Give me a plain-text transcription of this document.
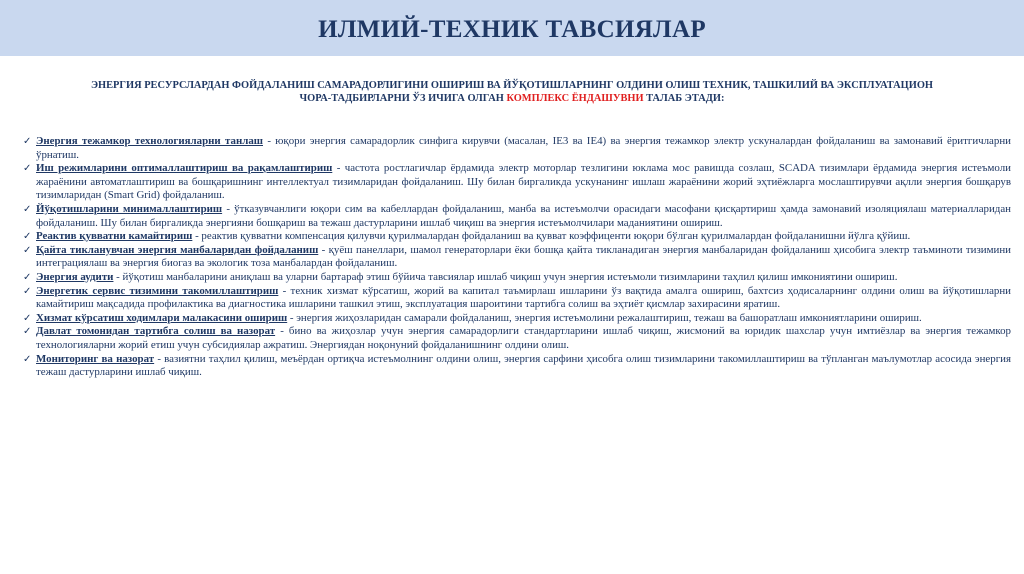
ИЛМИЙ-ТЕХНИК ТАВСИЯЛАР
ЭНЕРГИЯ РЕСУРСЛАРДАН ФОЙДАЛАНИШ САМАРАДОРЛИГИНИ ОШИРИШ ВА ЙЎҚОТИШЛАРНИНГ ОЛДИНИ ОЛИШ ТЕХНИК, ТАШКИЛИЙ ВА ЭКСПЛУАТАЦИОН
ЧОРА-ТАДБИРЛАРНИ ЎЗ ИЧИГА ОЛГАН КОМПЛЕКС ЁНДАШУВНИ ТАЛАБ ЭТАДИ:
✓ Энергия тежамкор технологияларни танлаш - юқори энергия самарадорлик синфига кирувчи (масалан, IE3 ва IE4) ва энергия тежамкор электр ускуналардан фойдаланиш ва замонавий ёритгичларни ўрнатиш.
✓ Иш режимларини оптималлаштириш ва рақамлаштириш - частота ростлагичлар ёрдамида электр моторлар тезлигини юклама мос равишда созлаш, SCADA тизимлари ёрдамида энергия истеъмоли жараёнини автоматлаштириш ва бошқаришнинг интеллектуал тизимларидан фойдаланиш. Шу билан биргаликда ускунанинг ишлаш жараёнини жорий эҳтиёжларга мослаштирувчи ақлли энергия бошқарув тизимларидан (Smart Grid) фойдаланиш.
✓ Йўқотишларини минималлаштириш - ўтказувчанлиги юқори сим ва кабеллардан фойдаланиш, манба ва истеъмолчи орасидаги масофани қисқартириш ҳамда замонавий изоляциялаш материалларидан фойдаланиш. Шу билан биргаликда энергияни бошқариш ва тежаш дастурларини ишлаб чиқиш ва энергия истеъмолчилари маданиятини ошириш.
✓ Реактив қувватни камайтириш - реактив қувватни компенсация қилувчи қурилмалардан фойдаланиш ва қувват коэффиценти юқори бўлган қурилмалардан фойдаланишни йўлга қўйиш.
✓ Қайта тикланувчан энергия манбаларидан фойдаланиш - қуёш панеллари, шамол генераторлари ёки бошқа қайта тикланадиган энергия манбаларидан фойдаланиш ҳисобига электр таъминоти тизимини интеграциялаш ва энергия биогаз ва экологик тоза манбалардан фойдаланиш.
✓ Энергия аудити - йўқотиш манбаларини аниқлаш ва уларни бартараф этиш бўйича тавсиялар ишлаб чиқиш учун энергия истеъмоли тизимларини таҳлил қилиш имкониятини ошириш.
✓ Энергетик сервис тизимини такомиллаштириш - техник хизмат кўрсатиш, жорий ва капитал таъмирлаш ишларини ўз вақтида амалга ошириш, бахтсиз ҳодисаларнинг олдини олиш ва йўқотишларни камайтириш мақсадида профилактика ва диагностика ишларини ташкил этиш, эксплуатация шароитини тартибга солиш ва эҳтиёт қисмлар захирасини яратиш.
✓ Хизмат кўрсатиш ходимлари малакасини ошириш - энергия жиҳозларидан самарали фойдаланиш, энергия истеъмолини режалаштириш, тежаш ва башоратлаш имкониятларини ошириш.
✓ Давлат томонидан тартибга солиш ва назорат - бино ва жиҳозлар учун энергия самарадорлиги стандартларини ишлаб чиқиш, жисмоний ва юридик шахслар учун имтиёзлар ва энергия тежамкор технологияларни жорий етиш учун субсидиялар ажратиш. Энергиядан ноқонуний фойдаланишнинг олдини олиш.
✓ Мониторинг ва назорат - вазиятни таҳлил қилиш, меъёрдан ортиқча истеъмолнинг олдини олиш, энергия сарфини ҳисобга олиш тизимларини такомиллаштириш ва тўпланган маълумотлар асосида энергия тежаш дастурларини ишлаб чиқиш.
